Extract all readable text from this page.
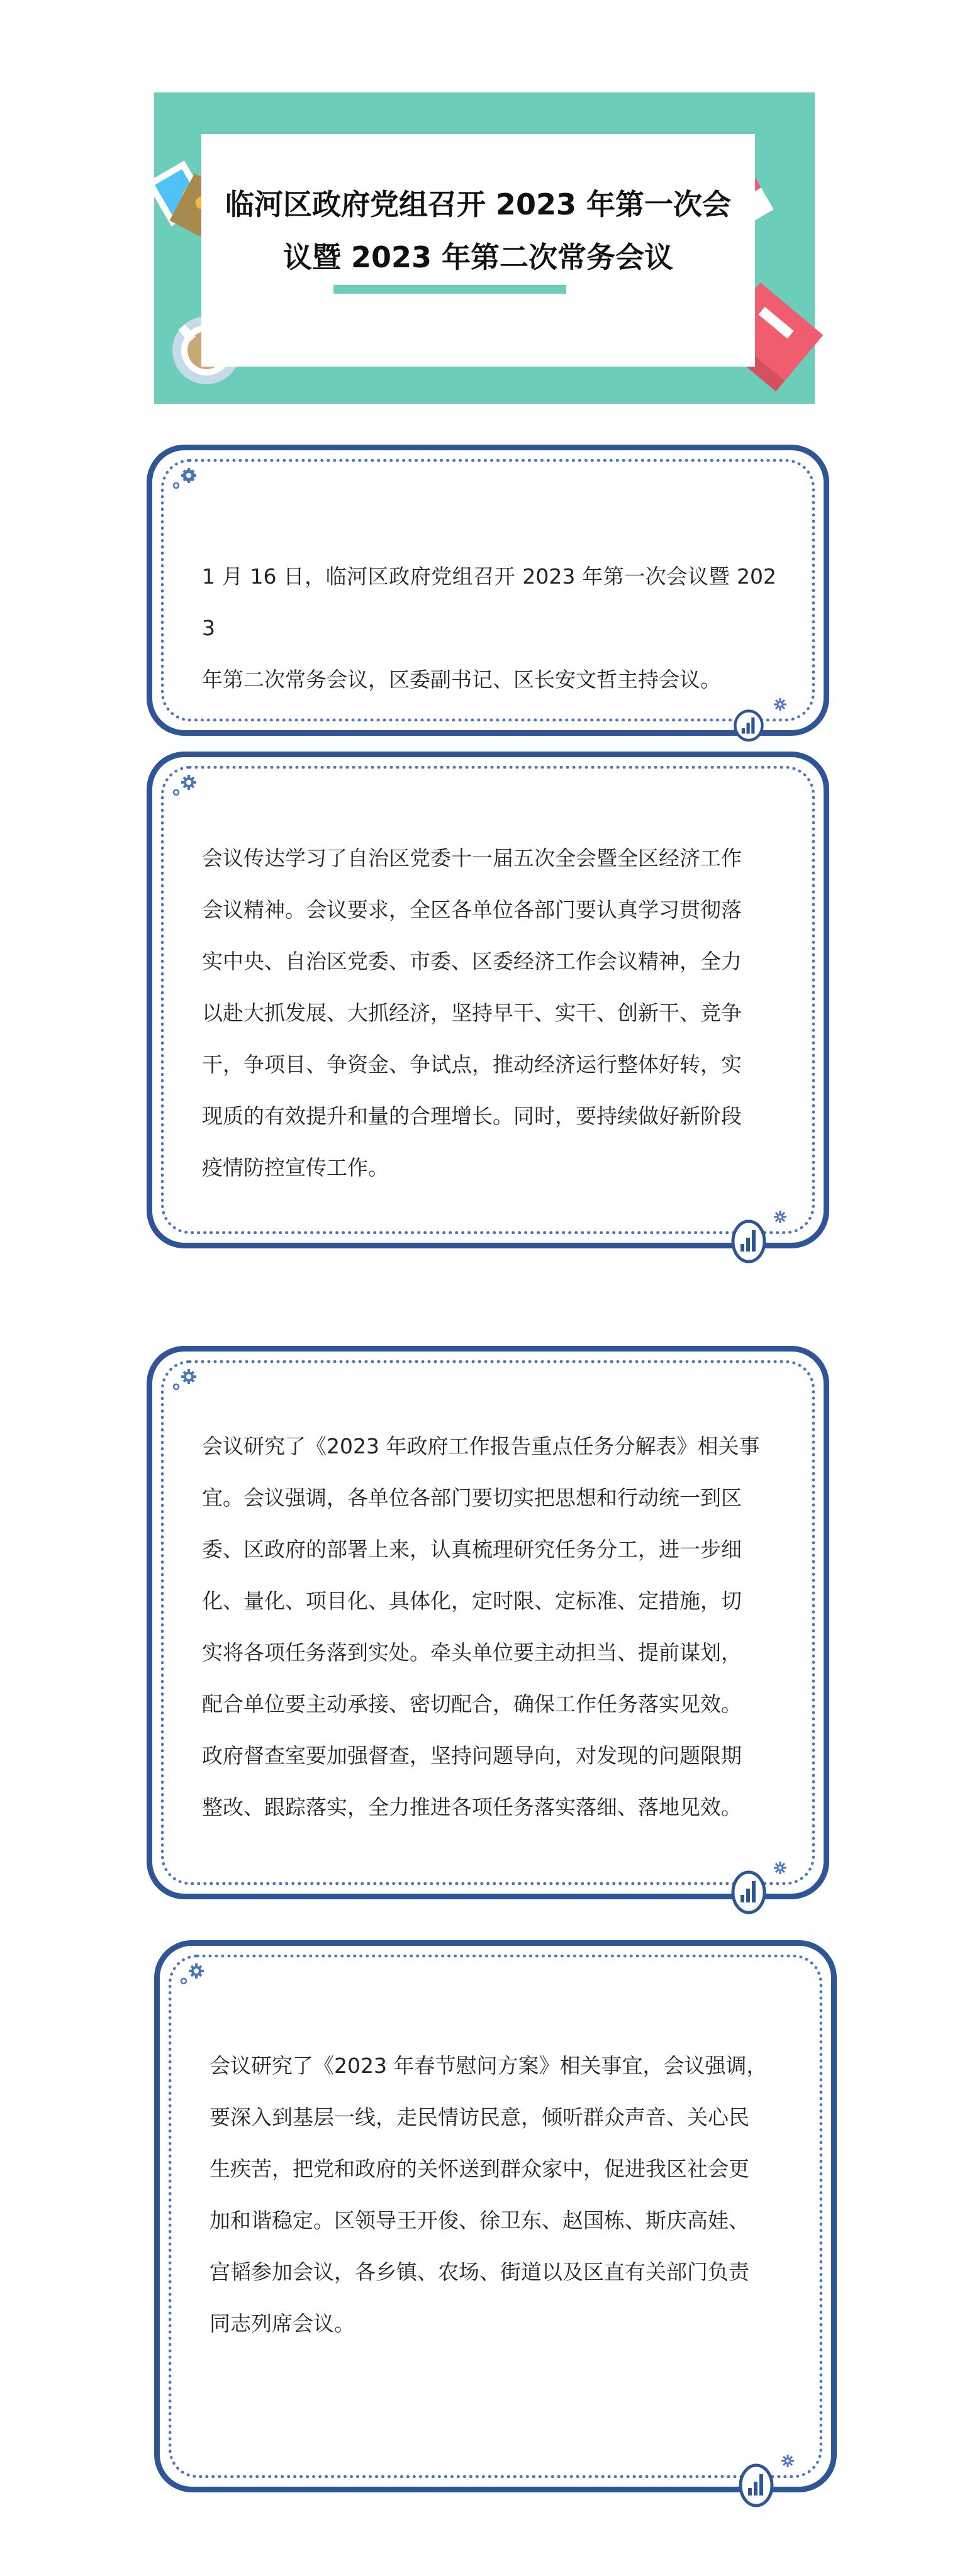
临河区政府党组召开 2023 年第一次会
议暨 2023 年第二次常务会议
1 月 16 日，临河区政府党组召开 2023 年第一次会议暨 2023
年第二次常务会议，区委副书记、区长安文哲主持会议。
会议传达学习了自治区党委十一届五次全会暨全区经济工作
会议精神。会议要求，全区各单位各部门要认真学习贯彻落
实中央、自治区党委、市委、区委经济工作会议精神，全力
以赴大抓发展、大抓经济，坚持早干、实干、创新干、竞争
干，争项目、争资金、争试点，推动经济运行整体好转，实
现质的有效提升和量的合理增长。同时，要持续做好新阶段
疫情防控宣传工作。
会议研究了《2023 年政府工作报告重点任务分解表》相关事
宜。会议强调，各单位各部门要切实把思想和行动统一到区
委、区政府的部署上来，认真梳理研究任务分工，进一步细
化、量化、项目化、具体化，定时限、定标准、定措施，切
实将各项任务落到实处。牵头单位要主动担当、提前谋划，
配合单位要主动承接、密切配合，确保工作任务落实见效。
政府督查室要加强督查，坚持问题导向，对发现的问题限期
整改、跟踪落实，全力推进各项任务落实落细、落地见效。
会议研究了《2023 年春节慰问方案》相关事宜，会议强调，
要深入到基层一线，走民情访民意，倾听群众声音、关心民
生疾苦，把党和政府的关怀送到群众家中，促进我区社会更
加和谐稳定。区领导王开俊、徐卫东、赵国栋、斯庆高娃、
宫韬参加会议，各乡镇、农场、街道以及区直有关部门负责
同志列席会议。
